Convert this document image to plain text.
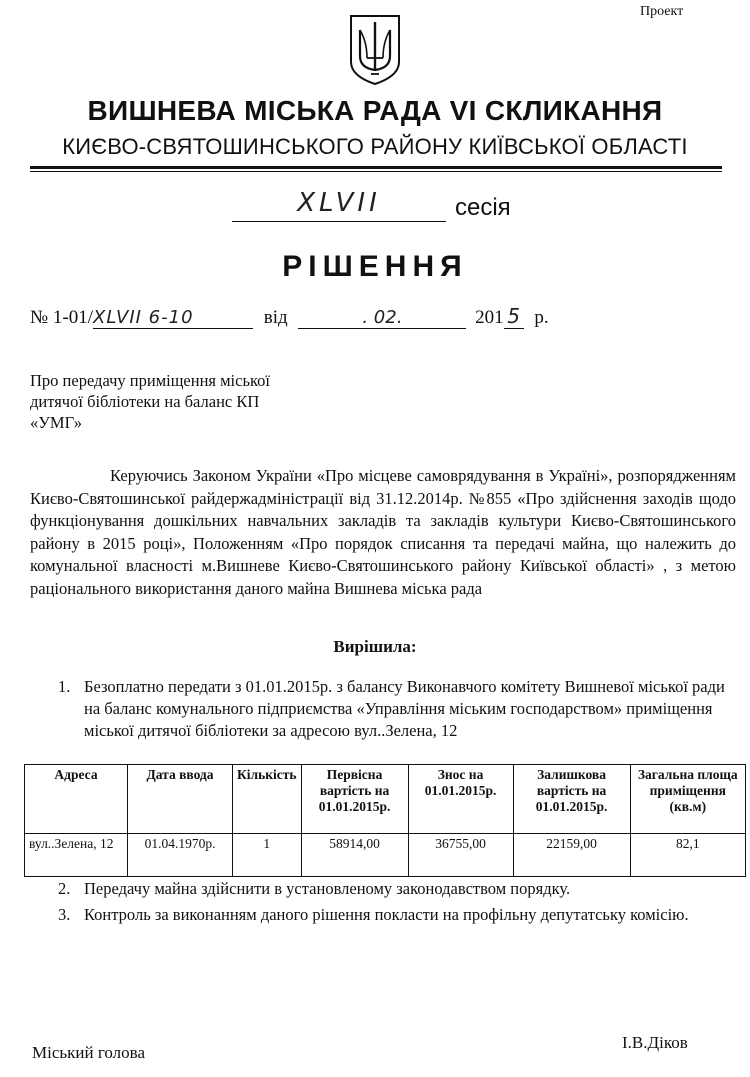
Проект
ВИШНЕВА МІСЬКА РАДА VI СКЛИКАННЯ
КИЄВО-СВЯТОШИНСЬКОГО РАЙОНУ КИЇВСЬКОЇ ОБЛАСТІ
XLVII	сесія
РІШЕННЯ
№ 1-01/XLVII 6-10	від	. 02.	201 5 р.
Про передачу приміщення міської дитячої бібліотеки на баланс КП «УМГ»
Керуючись Законом України «Про місцеве самоврядування в Україні», розпорядженням Києво-Святошинської райдержадміністрації від 31.12.2014р. №855 «Про здійснення заходів щодо функціонування дошкільних навчальних закладів та закладів культури Києво-Святошинського району в 2015 році», Положенням «Про порядок списання та передачі майна, що належить до комунальної власності м.Вишневе Києво-Святошинського району Київської області» , з метою раціонального використання даного майна Вишнева міська рада
Вирішила:
1. Безоплатно передати з 01.01.2015р. з балансу Виконавчого комітету Вишневої міської ради на баланс комунального підприємства «Управління міським господарством» приміщення міської дитячої бібліотеки за адресою вул..Зелена, 12
Адреса	Дата ввода	Кількість	Первісна вартість на 01.01.2015р.	Знос на 01.01.2015р.	Залишкова вартість на 01.01.2015р.	Загальна площа приміщення (кв.м)
вул..Зелена, 12	01.04.1970р.	1	58914,00	36755,00	22159,00	82,1
2. Передачу майна здійснити в установленому законодавством порядку.
3. Контроль за виконанням даного рішення покласти на профільну депутатську комісію.
Міський голова
І.В.Діков
